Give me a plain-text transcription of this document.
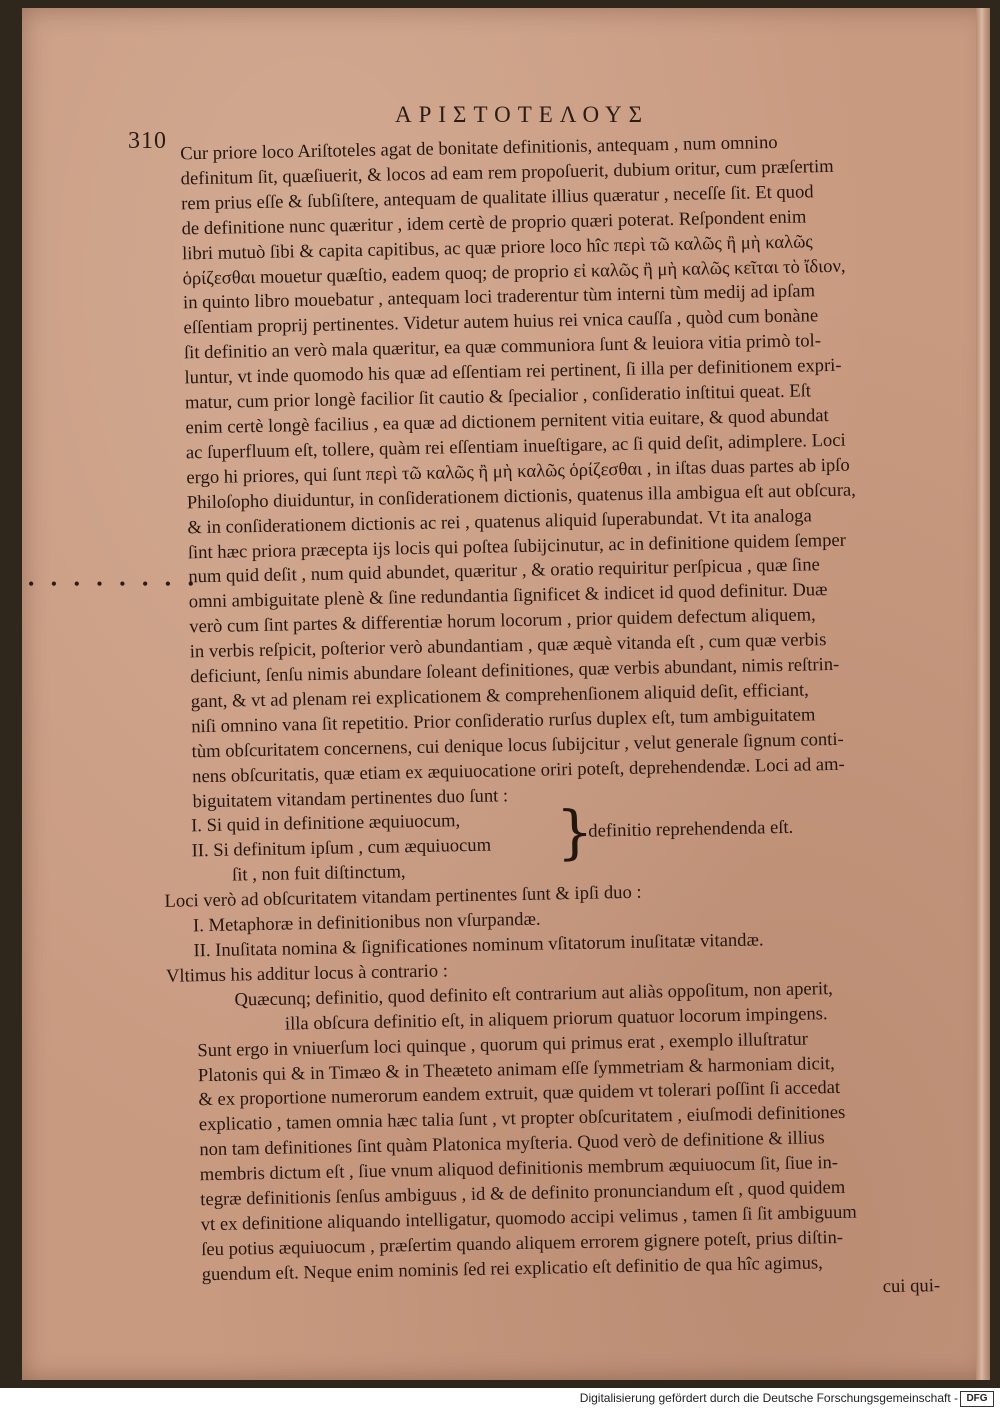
310
ΑΡΙΣΤΟΤΕΛΟΥΣ
• • • • • • • •
Cur priore loco Ariſtoteles agat de bonitate definitionis, antequam , num omnino
definitum ſit, quæſiuerit, & locos ad eam rem propoſuerit, dubium oritur, cum præſertim
rem prius eſſe & ſubſiſtere, antequam de qualitate illius quæratur , neceſſe ſit. Et quod
de definitione nunc quæritur , idem certè de proprio quæri poterat. Reſpondent enim
libri mutuò ſibi & capita capitibus, ac quæ priore loco hîc περὶ τῶ καλῶς ἢ μὴ καλῶς
ὁρίζεσθαι mouetur quæſtio, eadem quoq; de proprio εἰ καλῶς ἢ μὴ καλῶς κεῖται τὸ ἴδιον,
in quinto libro mouebatur , antequam loci traderentur tùm interni tùm medij ad ipſam
eſſentiam proprij pertinentes. Videtur autem huius rei vnica cauſſa , quòd cum bonàne
ſit definitio an verò mala quæritur, ea quæ communiora ſunt & leuiora vitia primò tol-
luntur, vt inde quomodo his quæ ad eſſentiam rei pertinent, ſi illa per definitionem expri-
matur, cum prior longè facilior ſit cautio & ſpecialior , conſideratio inſtitui queat. Eſt
enim certè longè facilius , ea quæ ad dictionem pernitent vitia euitare, & quod abundat
ac ſuperfluum eſt, tollere, quàm rei eſſentiam inueſtigare, ac ſi quid deſit, adimplere. Loci
ergo hi priores, qui ſunt περὶ τῶ καλῶς ἢ μὴ καλῶς ὁρίζεσθαι , in iſtas duas partes ab ipſo
Philoſopho diuiduntur, in conſiderationem dictionis, quatenus illa ambigua eſt aut obſcura,
& in conſiderationem dictionis ac rei , quatenus aliquid ſuperabundat. Vt ita analoga
ſint hæc priora præcepta ijs locis qui poſtea ſubijcinutur, ac in definitione quidem ſemper
num quid deſit , num quid abundet, quæritur , & oratio requiritur perſpicua , quæ ſine
omni ambiguitate plenè & ſine redundantia ſignificet & indicet id quod definitur. Duæ
verò cum ſint partes & differentiæ horum locorum , prior quidem defectum aliquem,
in verbis reſpicit, poſterior verò abundantiam , quæ æquè vitanda eſt , cum quæ verbis
deficiunt, ſenſu nimis abundare ſoleant definitiones, quæ verbis abundant, nimis reſtrin-
gant, & vt ad plenam rei explicationem & comprehenſionem aliquid deſit, efficiant,
niſi omnino vana ſit repetitio. Prior conſideratio rurſus duplex eſt, tum ambiguitatem
tùm obſcuritatem concernens, cui denique locus ſubijcitur , velut generale ſignum conti-
nens obſcuritatis, quæ etiam ex æquiuocatione oriri poteſt, deprehendendæ. Loci ad am-
biguitatem vitandam pertinentes duo ſunt :
I. Si quid in definitione æquiuocum,
II. Si definitum ipſum , cum æquiuocum
ſit , non fuit diſtinctum,
}
definitio reprehendenda eſt.
Loci verò ad obſcuritatem vitandam pertinentes ſunt & ipſi duo :
I. Metaphoræ in definitionibus non vſurpandæ.
II. Inuſitata nomina & ſignificationes nominum vſitatorum inuſitatæ vitandæ.
Vltimus his additur locus à contrario :
Quæcunq; definitio, quod definito eſt contrarium aut aliàs oppoſitum, non aperit,
illa obſcura definitio eſt, in aliquem priorum quatuor locorum impingens.
Sunt ergo in vniuerſum loci quinque , quorum qui primus erat , exemplo illuſtratur
Platonis qui & in Timæo & in Theæteto animam eſſe ſymmetriam & harmoniam dicit,
& ex proportione numerorum eandem extruit, quæ quidem vt tolerari poſſint ſi accedat
explicatio , tamen omnia hæc talia ſunt , vt propter obſcuritatem , eiuſmodi definitiones
non tam definitiones ſint quàm Platonica myſteria. Quod verò de definitione & illius
membris dictum eſt , ſiue vnum aliquod definitionis membrum æquiuocum ſit, ſiue in-
tegræ definitionis ſenſus ambiguus , id & de definito pronunciandum eſt , quod quidem
vt ex definitione aliquando intelligatur, quomodo accipi velimus , tamen ſi ſit ambiguum
ſeu potius æquiuocum , præſertim quando aliquem errorem gignere poteſt, prius diſtin-
guendum eſt. Neque enim nominis ſed rei explicatio eſt definitio de qua hîc agimus,
cui qui-
Digitalisierung gefördert durch die Deutsche Forschungsgemeinschaft - DFG
